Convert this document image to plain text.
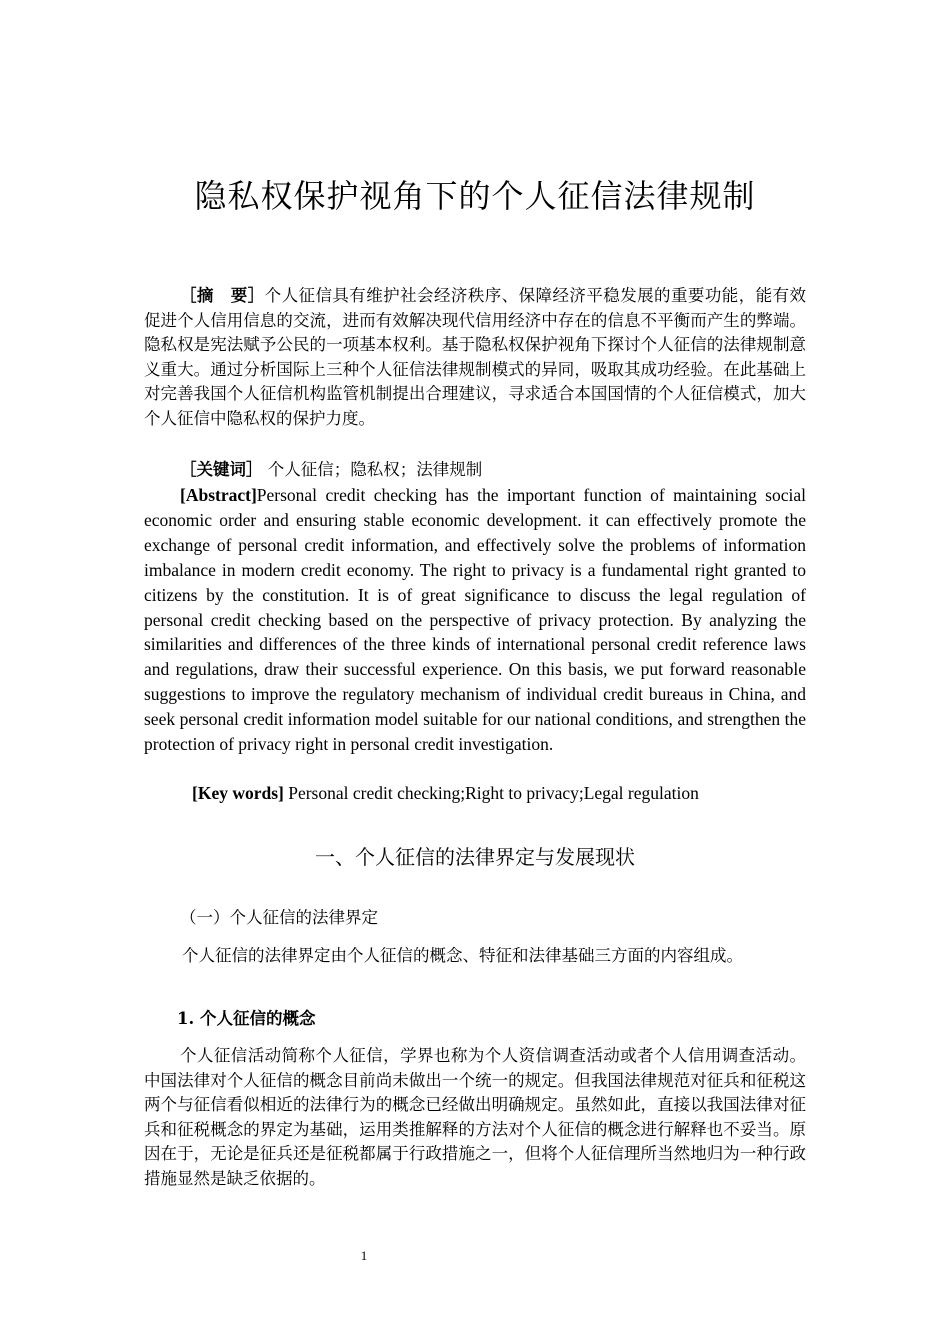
隐私权保护视角下的个人征信法律规制
［摘　要］个人征信具有维护社会经济秩序、保障经济平稳发展的重要功能，能有效促进个人信用信息的交流，进而有效解决现代信用经济中存在的信息不平衡而产生的弊端。隐私权是宪法赋予公民的一项基本权利。基于隐私权保护视角下探讨个人征信的法律规制意义重大。通过分析国际上三种个人征信法律规制模式的异同，吸取其成功经验。在此基础上对完善我国个人征信机构监管机制提出合理建议，寻求适合本国国情的个人征信模式，加大个人征信中隐私权的保护力度。
［关键词］ 个人征信；隐私权；法律规制
[Abstract]Personal credit checking has the important function of maintaining social economic order and ensuring stable economic development. it can effectively promote the exchange of personal credit information, and effectively solve the problems of information imbalance in modern credit economy. The right to privacy is a fundamental right granted to citizens by the constitution. It is of great significance to discuss the legal regulation of personal credit checking based on the perspective of privacy protection. By analyzing the similarities and differences of the three kinds of international personal credit reference laws and regulations, draw their successful experience. On this basis, we put forward reasonable suggestions to improve the regulatory mechanism of individual credit bureaus in China, and seek personal credit information model suitable for our national conditions, and strengthen the protection of privacy right in personal credit investigation.
[Key words] Personal credit checking;Right to privacy;Legal regulation
一、个人征信的法律界定与发展现状
（一）个人征信的法律界定
个人征信的法律界定由个人征信的概念、特征和法律基础三方面的内容组成。
1. 个人征信的概念
个人征信活动简称个人征信，学界也称为个人资信调查活动或者个人信用调查活动。中国法律对个人征信的概念目前尚未做出一个统一的规定。但我国法律规范对征兵和征税这两个与征信看似相近的法律行为的概念已经做出明确规定。虽然如此，直接以我国法律对征兵和征税概念的界定为基础，运用类推解释的方法对个人征信的概念进行解释也不妥当。原因在于，无论是征兵还是征税都属于行政措施之一，但将个人征信理所当然地归为一种行政措施显然是缺乏依据的。
1
